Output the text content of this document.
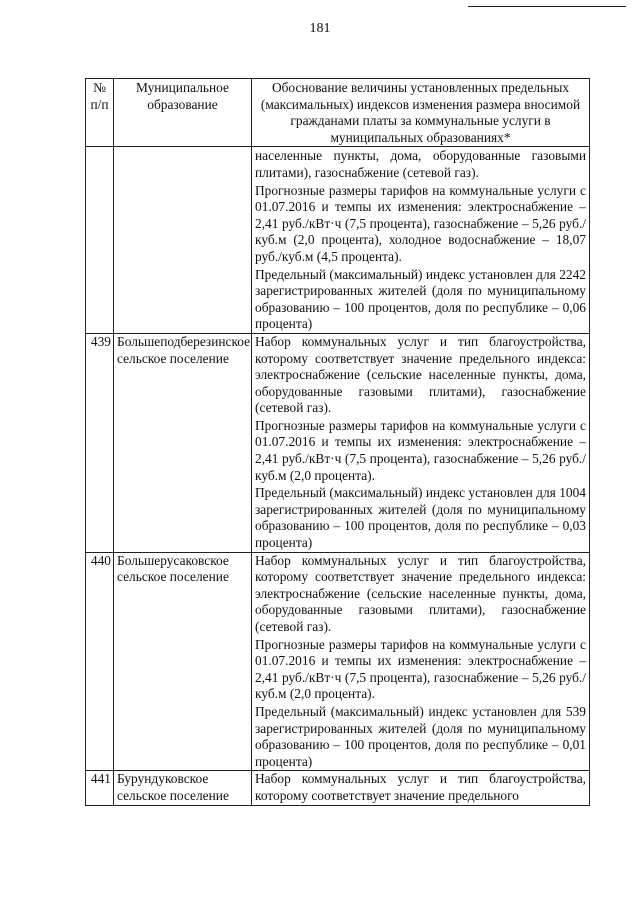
181
№ п/п	Муниципальное образование	Обоснование величины установленных предельных (максимальных) индексов изменения размера вносимой гражданами платы за коммунальные услуги в муниципальных образованиях*

		населенные пункты, дома, оборудованные газовыми плитами), газоснабжение (сетевой газ).
Прогнозные размеры тарифов на коммунальные услуги с 01.07.2016 и темпы их изменения: электроснабжение – 2,41 руб./кВт·ч (7,5 процента), газоснабжение – 5,26 руб./куб.м (2,0 процента), холодное водоснабжение – 18,07 руб./куб.м (4,5 процента).
Предельный (максимальный) индекс установлен для 2242 зарегистрированных жителей (доля по муниципальному образованию – 100 процентов, доля по республике – 0,06 процента)

439	Большеподберезинское сельское поселение	Набор коммунальных услуг и тип благоустройства, которому соответствует значение предельного индекса: электроснабжение (сельские населенные пункты, дома, оборудованные газовыми плитами), газоснабжение (сетевой газ).
Прогнозные размеры тарифов на коммунальные услуги с 01.07.2016 и темпы их изменения: электроснабжение – 2,41 руб./кВт·ч (7,5 процента), газоснабжение – 5,26 руб./куб.м (2,0 процента).
Предельный (максимальный) индекс установлен для 1004 зарегистрированных жителей (доля по муниципальному образованию – 100 процентов, доля по республике – 0,03 процента)

440	Большерусаковское сельское поселение	Набор коммунальных услуг и тип благоустройства, которому соответствует значение предельного индекса: электроснабжение (сельские населенные пункты, дома, оборудованные газовыми плитами), газоснабжение (сетевой газ).
Прогнозные размеры тарифов на коммунальные услуги с 01.07.2016 и темпы их изменения: электроснабжение – 2,41 руб./кВт·ч (7,5 процента), газоснабжение – 5,26 руб./куб.м (2,0 процента).
Предельный (максимальный) индекс установлен для 539 зарегистрированных жителей (доля по муниципальному образованию – 100 процентов, доля по республике – 0,01 процента)

441	Бурундуковское сельское поселение	Набор коммунальных услуг и тип благоустройства, которому соответствует значение предельного
